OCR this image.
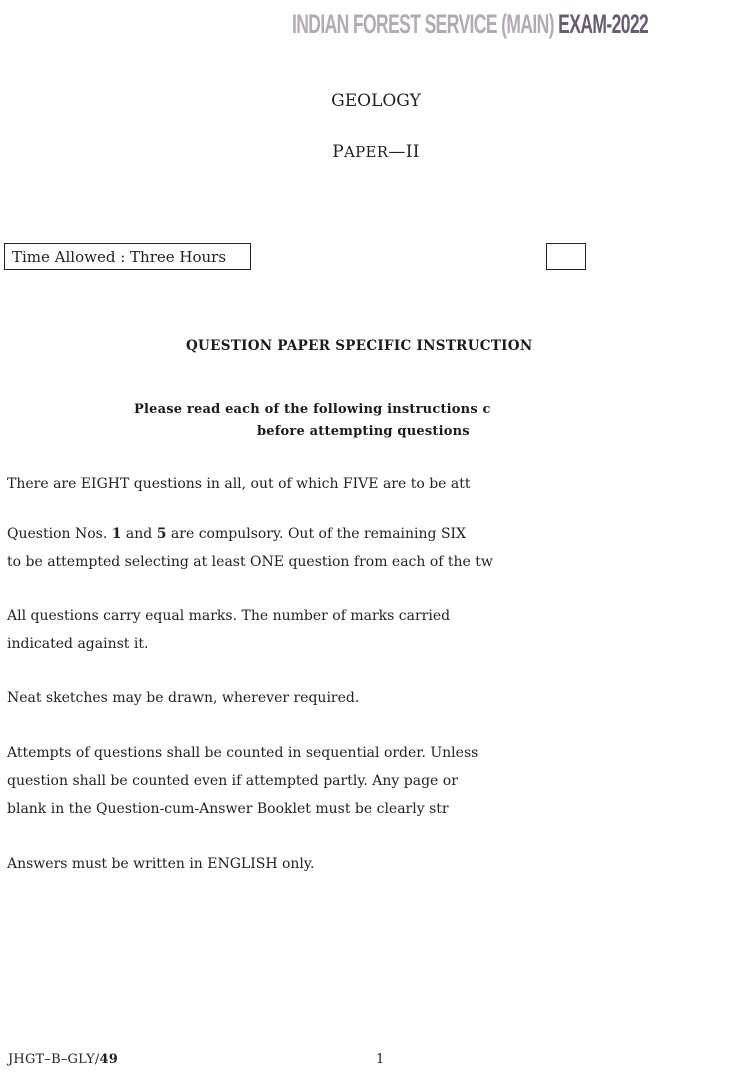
INDIAN FOREST SERVICE (MAIN) EXAM-2022
GEOLOGY
PAPER—II
Time Allowed : Three Hours
QUESTION PAPER SPECIFIC INSTRUCTION
Please read each of the following instructions c
before attempting questions
There are EIGHT questions in all, out of which FIVE are to be att
Question Nos. 1 and 5 are compulsory. Out of the remaining SIX
to be attempted selecting at least ONE question from each of the tw
All questions carry equal marks. The number of marks carried
indicated against it.
Neat sketches may be drawn, wherever required.
Attempts of questions shall be counted in sequential order. Unless
question shall be counted even if attempted partly. Any page or
blank in the Question-cum-Answer Booklet must be clearly str
Answers must be written in ENGLISH only.
JHGT–B–GLY/49	1
